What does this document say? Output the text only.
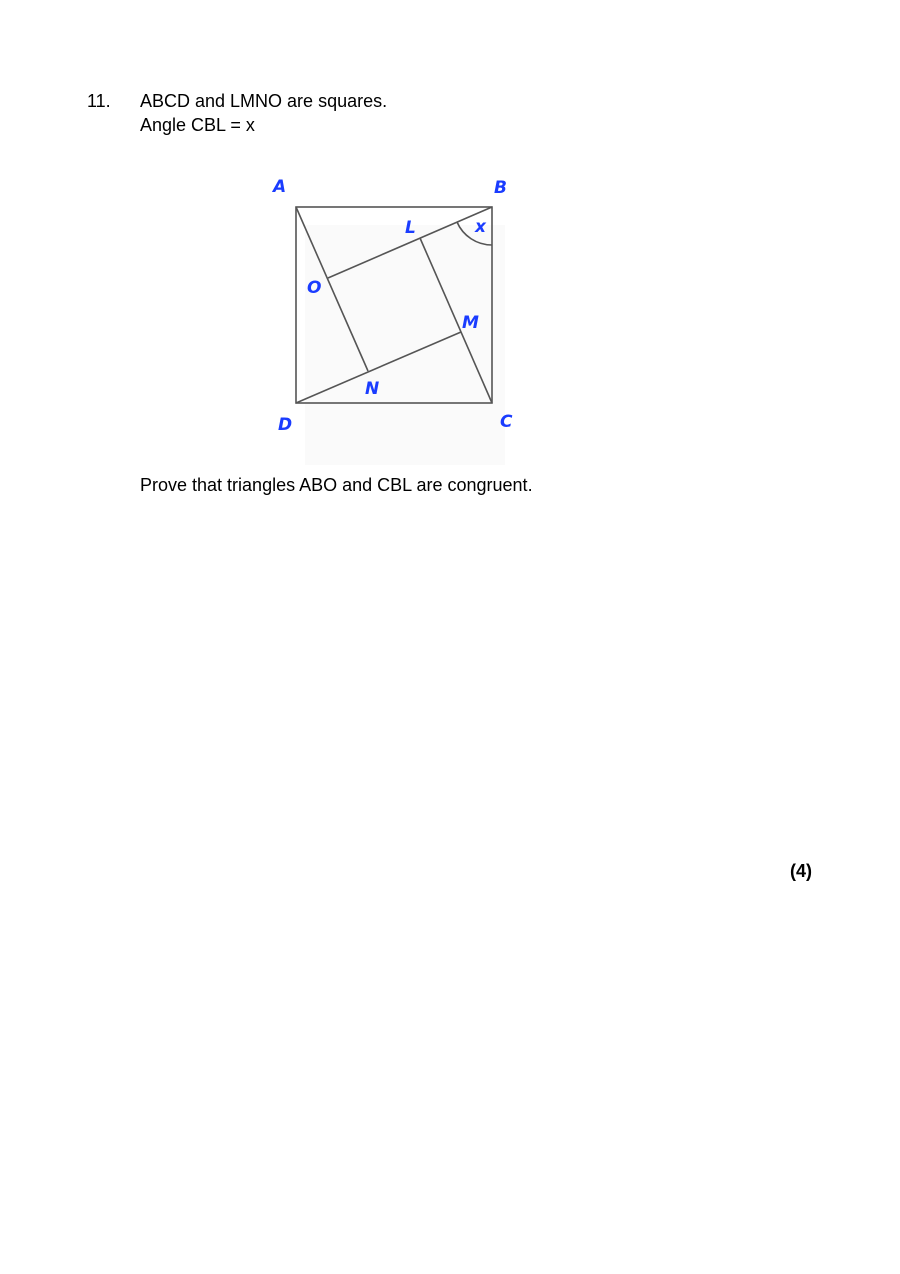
11. ABCD and LMNO are squares.
Angle CBL = x
A	B
C
D
L
M
N
O
x
Prove that triangles ABO and CBL are congruent.
(4)
